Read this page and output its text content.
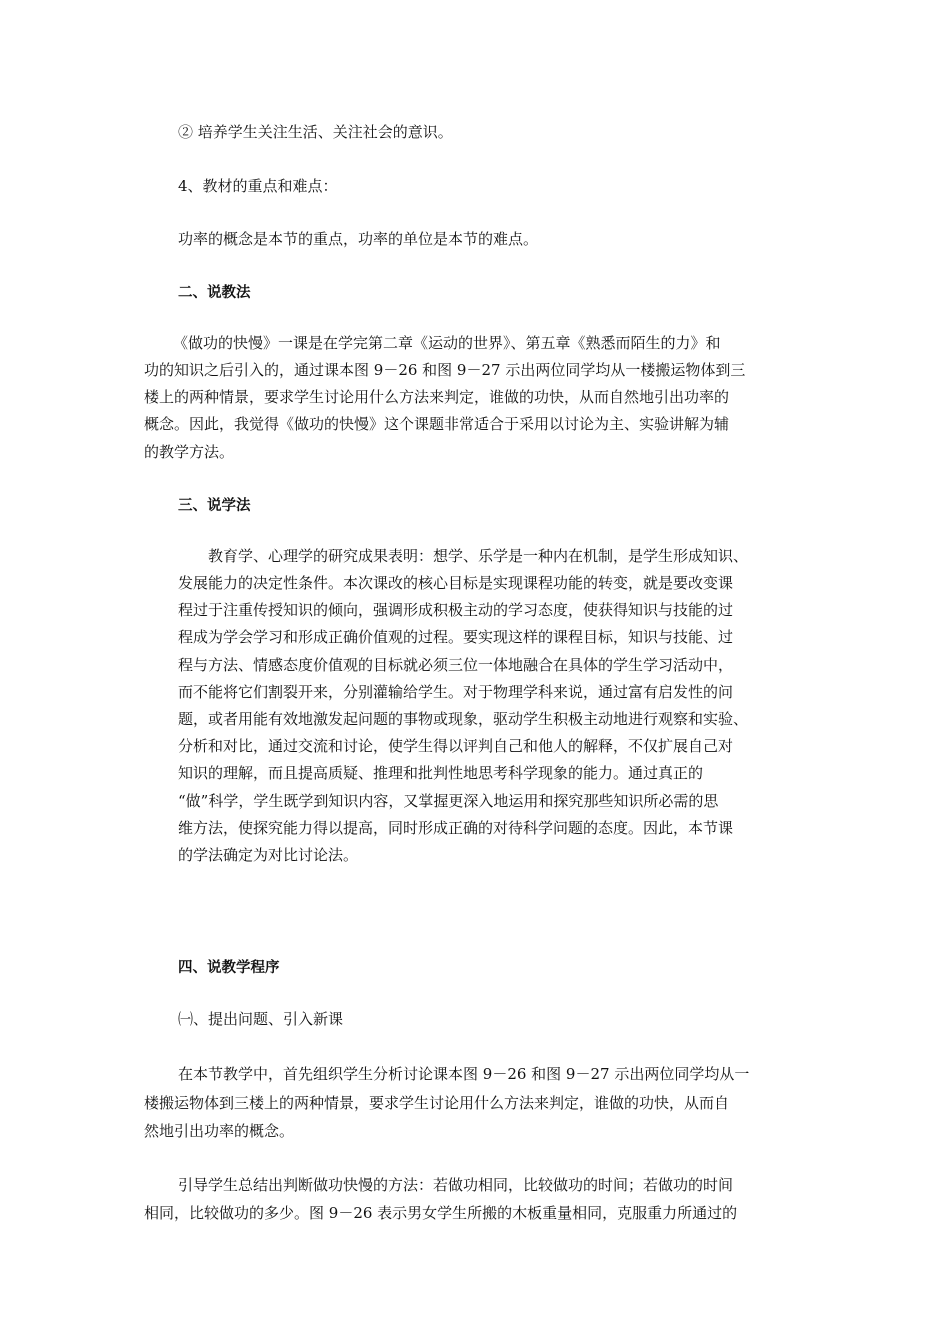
② 培养学生关注生活、关注社会的意识。

4、教材的重点和难点：

功率的概念是本节的重点，功率的单位是本节的难点。

二、说教法

《做功的快慢》一课是在学完第二章《运动的世界》、第五章《熟悉而陌生的力》和

功的知识之后引入的，通过课本图 9－26 和图 9－27 示出两位同学均从一楼搬运物体到三

楼上的两种情景，要求学生讨论用什么方法来判定，谁做的功快，从而自然地引出功率的

概念。因此，我觉得《做功的快慢》这个课题非常适合于采用以讨论为主、实验讲解为辅

的教学方法。

三、说学法

教育学、心理学的研究成果表明：想学、乐学是一种内在机制，是学生形成知识、

发展能力的决定性条件。本次课改的核心目标是实现课程功能的转变，就是要改变课

程过于注重传授知识的倾向，强调形成积极主动的学习态度，使获得知识与技能的过

程成为学会学习和形成正确价值观的过程。要实现这样的课程目标，知识与技能、过

程与方法、情感态度价值观的目标就必须三位一体地融合在具体的学生学习活动中，

而不能将它们割裂开来，分别灌输给学生。对于物理学科来说，通过富有启发性的问

题，或者用能有效地激发起问题的事物或现象，驱动学生积极主动地进行观察和实验、

分析和对比，通过交流和讨论，使学生得以评判自己和他人的解释，不仅扩展自己对

知识的理解，而且提高质疑、推理和批判性地思考科学现象的能力。通过真正的

“做”科学，学生既学到知识内容，又掌握更深入地运用和探究那些知识所必需的思

维方法，使探究能力得以提高，同时形成正确的对待科学问题的态度。因此，本节课

的学法确定为对比讨论法。

四、说教学程序

㈠、提出问题、引入新课

在本节教学中，首先组织学生分析讨论课本图 9－26 和图 9－27 示出两位同学均从一

楼搬运物体到三楼上的两种情景，要求学生讨论用什么方法来判定，谁做的功快，从而自

然地引出功率的概念。

引导学生总结出判断做功快慢的方法：若做功相同，比较做功的时间；若做功的时间

相同，比较做功的多少。图 9－26 表示男女学生所搬的木板重量相同，克服重力所通过的
